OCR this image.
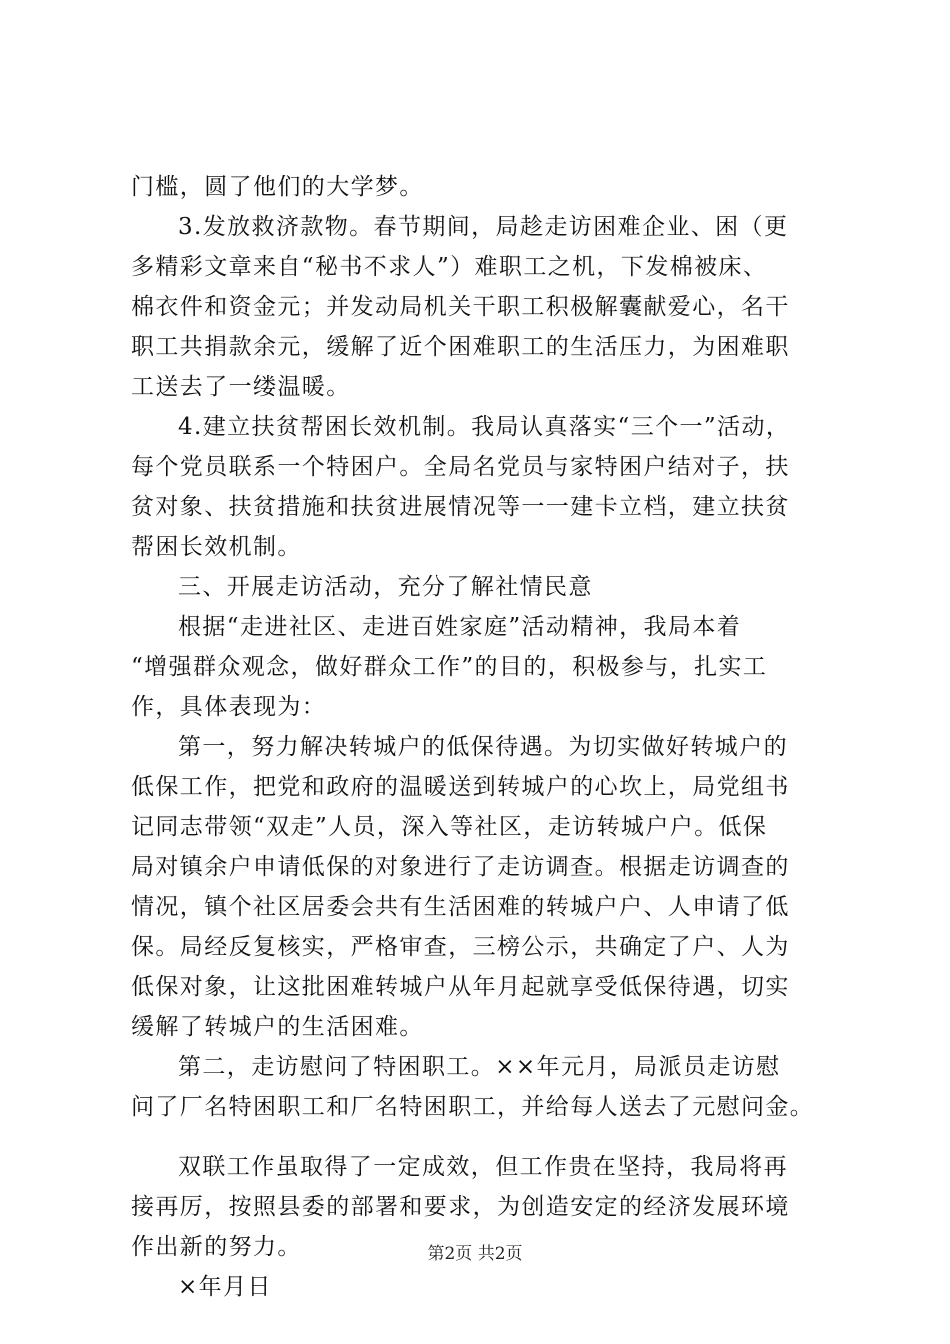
门槛，圆了他们的大学梦。
3.发放救济款物。春节期间，局趁走访困难企业、困（更
多精彩文章来自“秘书不求人”）难职工之机，下发棉被床、
棉衣件和资金元；并发动局机关干职工积极解囊献爱心，名干
职工共捐款余元，缓解了近个困难职工的生活压力，为困难职
工送去了一缕温暖。
4.建立扶贫帮困长效机制。我局认真落实“三个一”活动，
每个党员联系一个特困户。全局名党员与家特困户结对子，扶
贫对象、扶贫措施和扶贫进展情况等一一建卡立档，建立扶贫
帮困长效机制。
三、开展走访活动，充分了解社情民意
根据“走进社区、走进百姓家庭”活动精神，我局本着
“增强群众观念，做好群众工作”的目的，积极参与，扎实工
作，具体表现为：
第一，努力解决转城户的低保待遇。为切实做好转城户的
低保工作，把党和政府的温暖送到转城户的心坎上，局党组书
记同志带领“双走”人员，深入等社区，走访转城户户。低保
局对镇余户申请低保的对象进行了走访调查。根据走访调查的
情况，镇个社区居委会共有生活困难的转城户户、人申请了低
保。局经反复核实，严格审查，三榜公示，共确定了户、人为
低保对象，让这批困难转城户从年月起就享受低保待遇，切实
缓解了转城户的生活困难。
第二，走访慰问了特困职工。××年元月，局派员走访慰
问了厂名特困职工和厂名特困职工，并给每人送去了元慰问金。
双联工作虽取得了一定成效，但工作贵在坚持，我局将再
接再厉，按照县委的部署和要求，为创造安定的经济发展环境
作出新的努力。
×年月日
第2页 共2页
